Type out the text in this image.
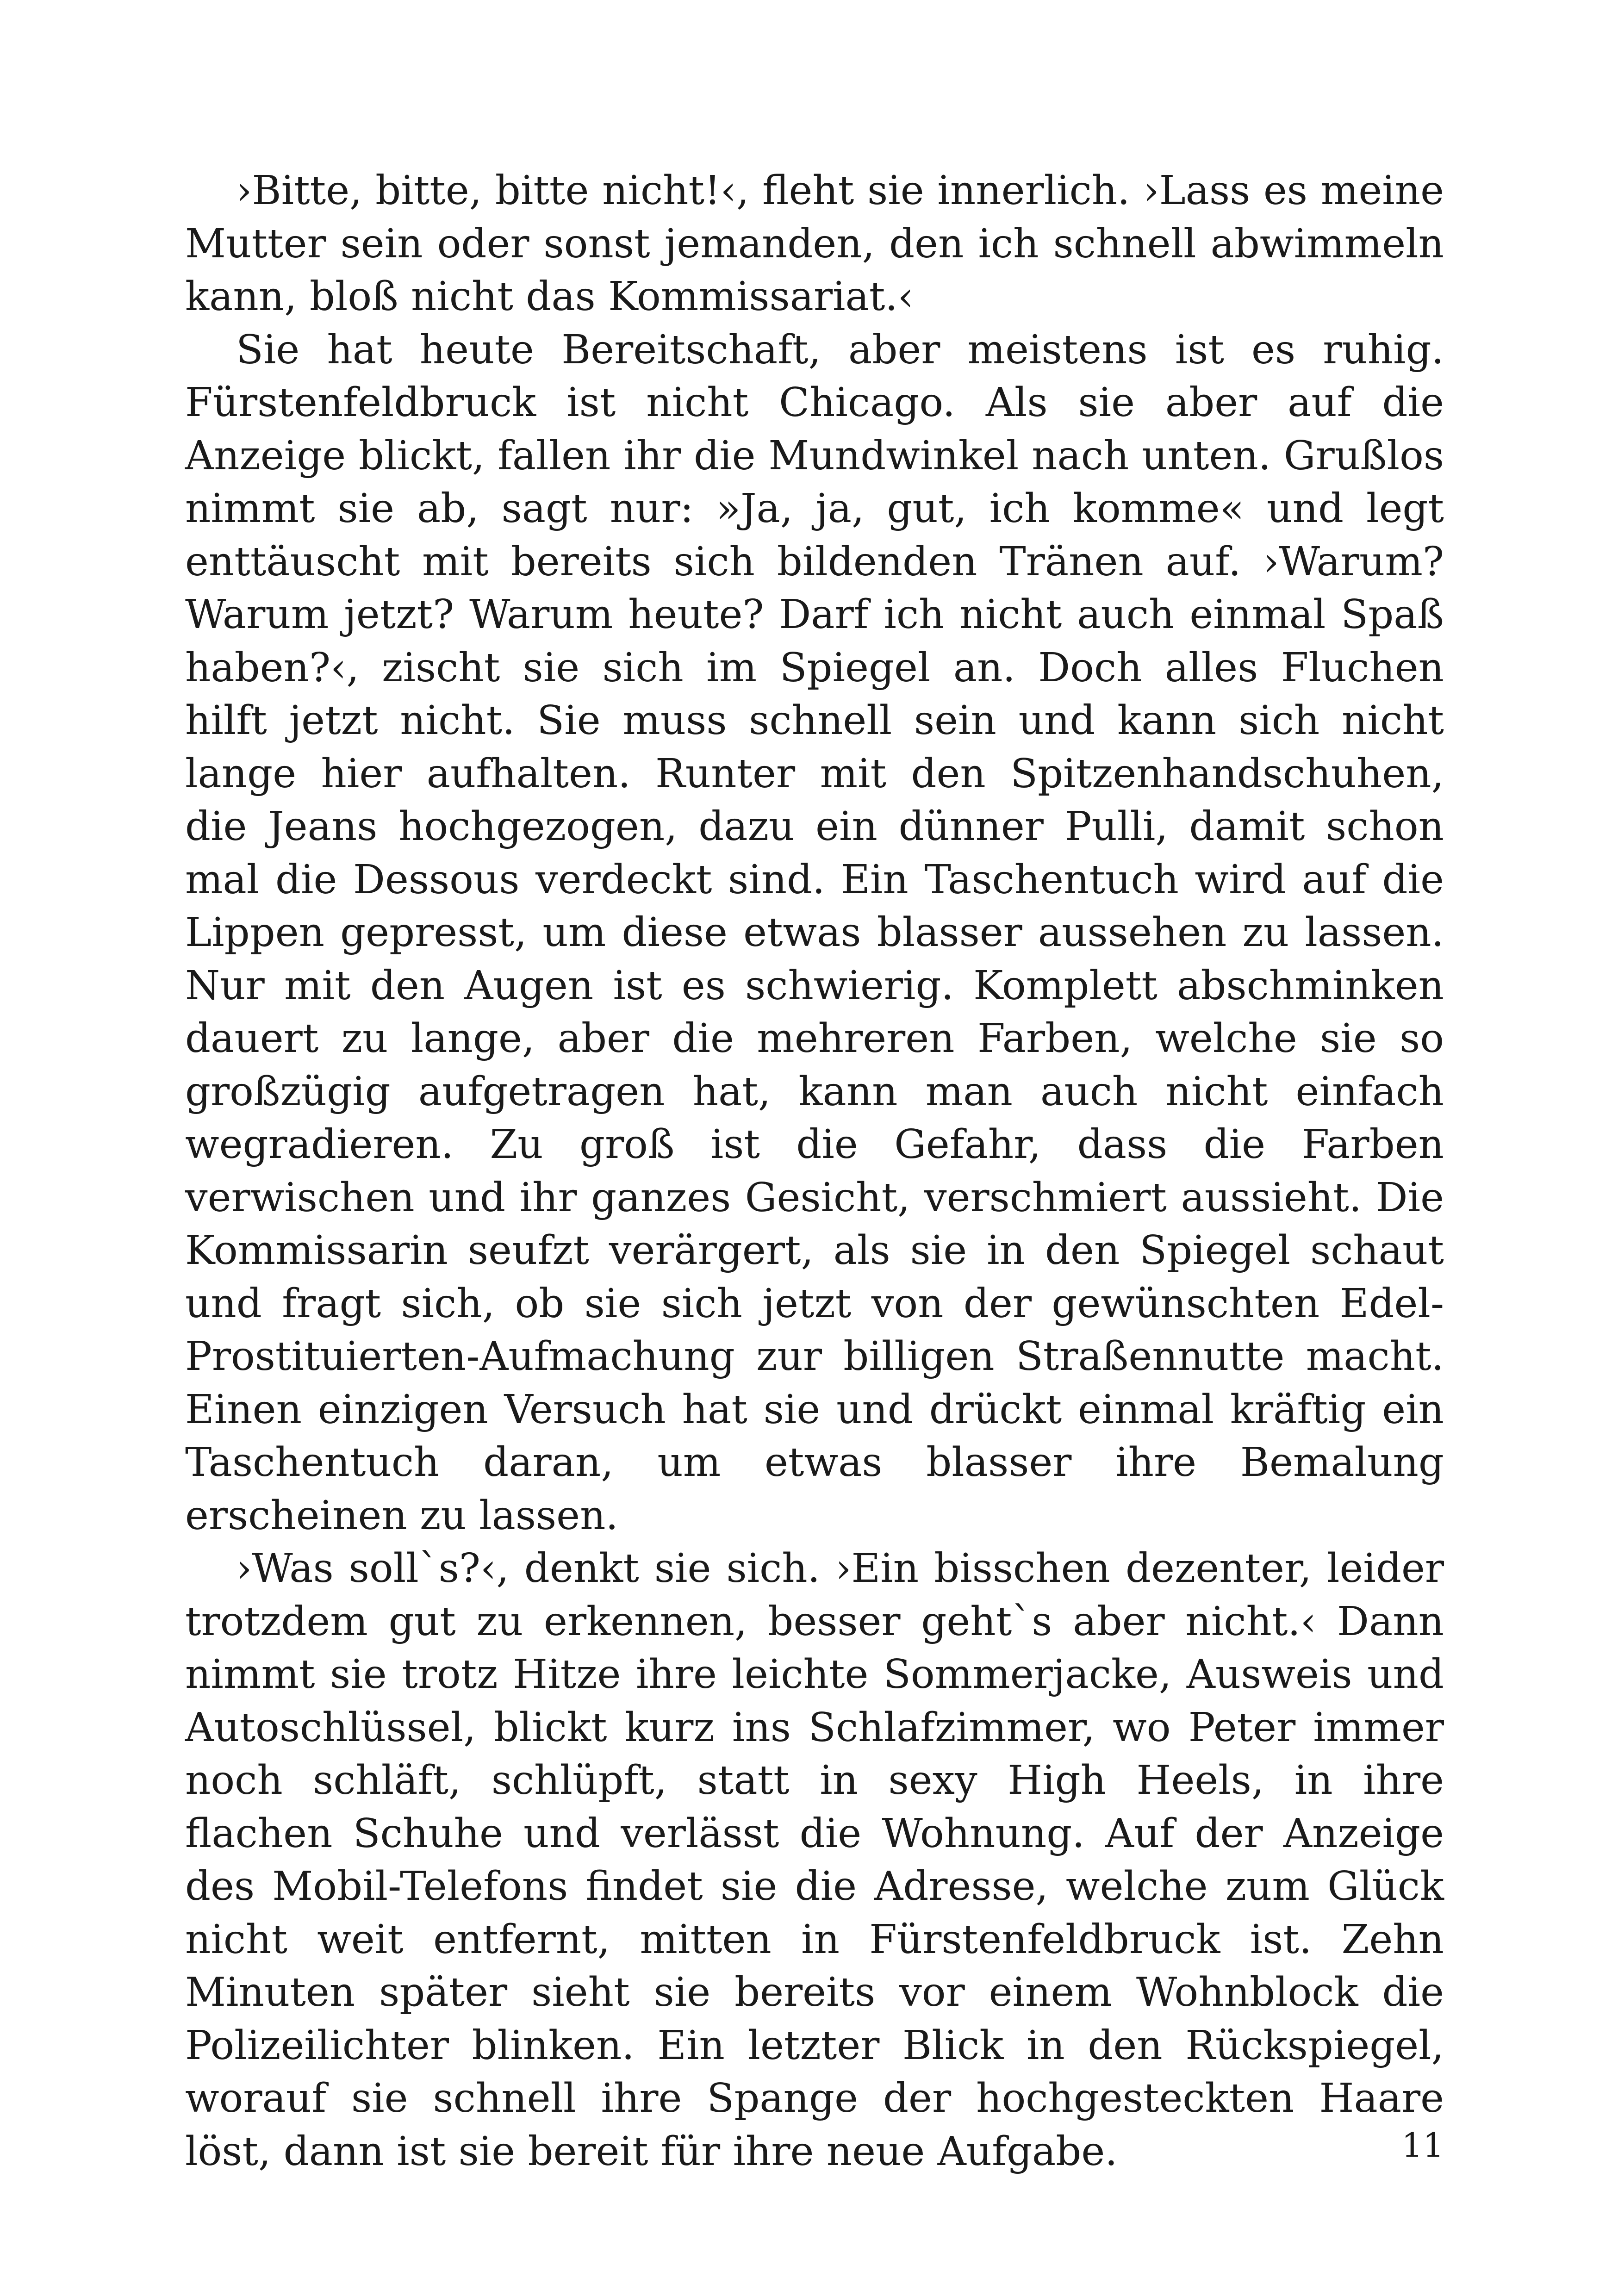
›Bitte, bitte, bitte nicht!‹, fleht sie innerlich. ›Lass es meine Mutter sein oder sonst jemanden, den ich schnell abwimmeln kann, bloß nicht das Kommissariat.‹

Sie hat heute Bereitschaft, aber meistens ist es ruhig. Fürstenfeldbruck ist nicht Chicago. Als sie aber auf die Anzeige blickt, fallen ihr die Mundwinkel nach unten. Grußlos nimmt sie ab, sagt nur: »Ja, ja, gut, ich komme« und legt enttäuscht mit bereits sich bildenden Tränen auf. ›Warum? Warum jetzt? Warum heute? Darf ich nicht auch einmal Spaß haben?‹, zischt sie sich im Spiegel an. Doch alles Fluchen hilft jetzt nicht. Sie muss schnell sein und kann sich nicht lange hier aufhalten. Runter mit den Spitzenhandschuhen, die Jeans hochgezogen, dazu ein dünner Pulli, damit schon mal die Dessous verdeckt sind. Ein Taschentuch wird auf die Lippen gepresst, um diese etwas blasser aussehen zu lassen. Nur mit den Augen ist es schwierig. Komplett abschminken dauert zu lange, aber die mehreren Farben, welche sie so großzügig aufgetragen hat, kann man auch nicht einfach wegradieren. Zu groß ist die Gefahr, dass die Farben verwischen und ihr ganzes Gesicht, verschmiert aussieht. Die Kommissarin seufzt verärgert, als sie in den Spiegel schaut und fragt sich, ob sie sich jetzt von der gewünschten Edel-Prostituierten-Aufmachung zur billigen Straßennutte macht. Einen einzigen Versuch hat sie und drückt einmal kräftig ein Taschentuch daran, um etwas blasser ihre Bemalung erscheinen zu lassen.

›Was soll`s?‹, denkt sie sich. ›Ein bisschen dezenter, leider trotzdem gut zu erkennen, besser geht`s aber nicht.‹ Dann nimmt sie trotz Hitze ihre leichte Sommerjacke, Ausweis und Autoschlüssel, blickt kurz ins Schlafzimmer, wo Peter immer noch schläft, schlüpft, statt in sexy High Heels, in ihre flachen Schuhe und verlässt die Wohnung. Auf der Anzeige des Mobil-Telefons findet sie die Adresse, welche zum Glück nicht weit entfernt, mitten in Fürstenfeldbruck ist. Zehn Minuten später sieht sie bereits vor einem Wohnblock die Polizeilichter blinken. Ein letzter Blick in den Rückspiegel, worauf sie schnell ihre Spange der hochgesteckten Haare löst, dann ist sie bereit für ihre neue Aufgabe.	11
